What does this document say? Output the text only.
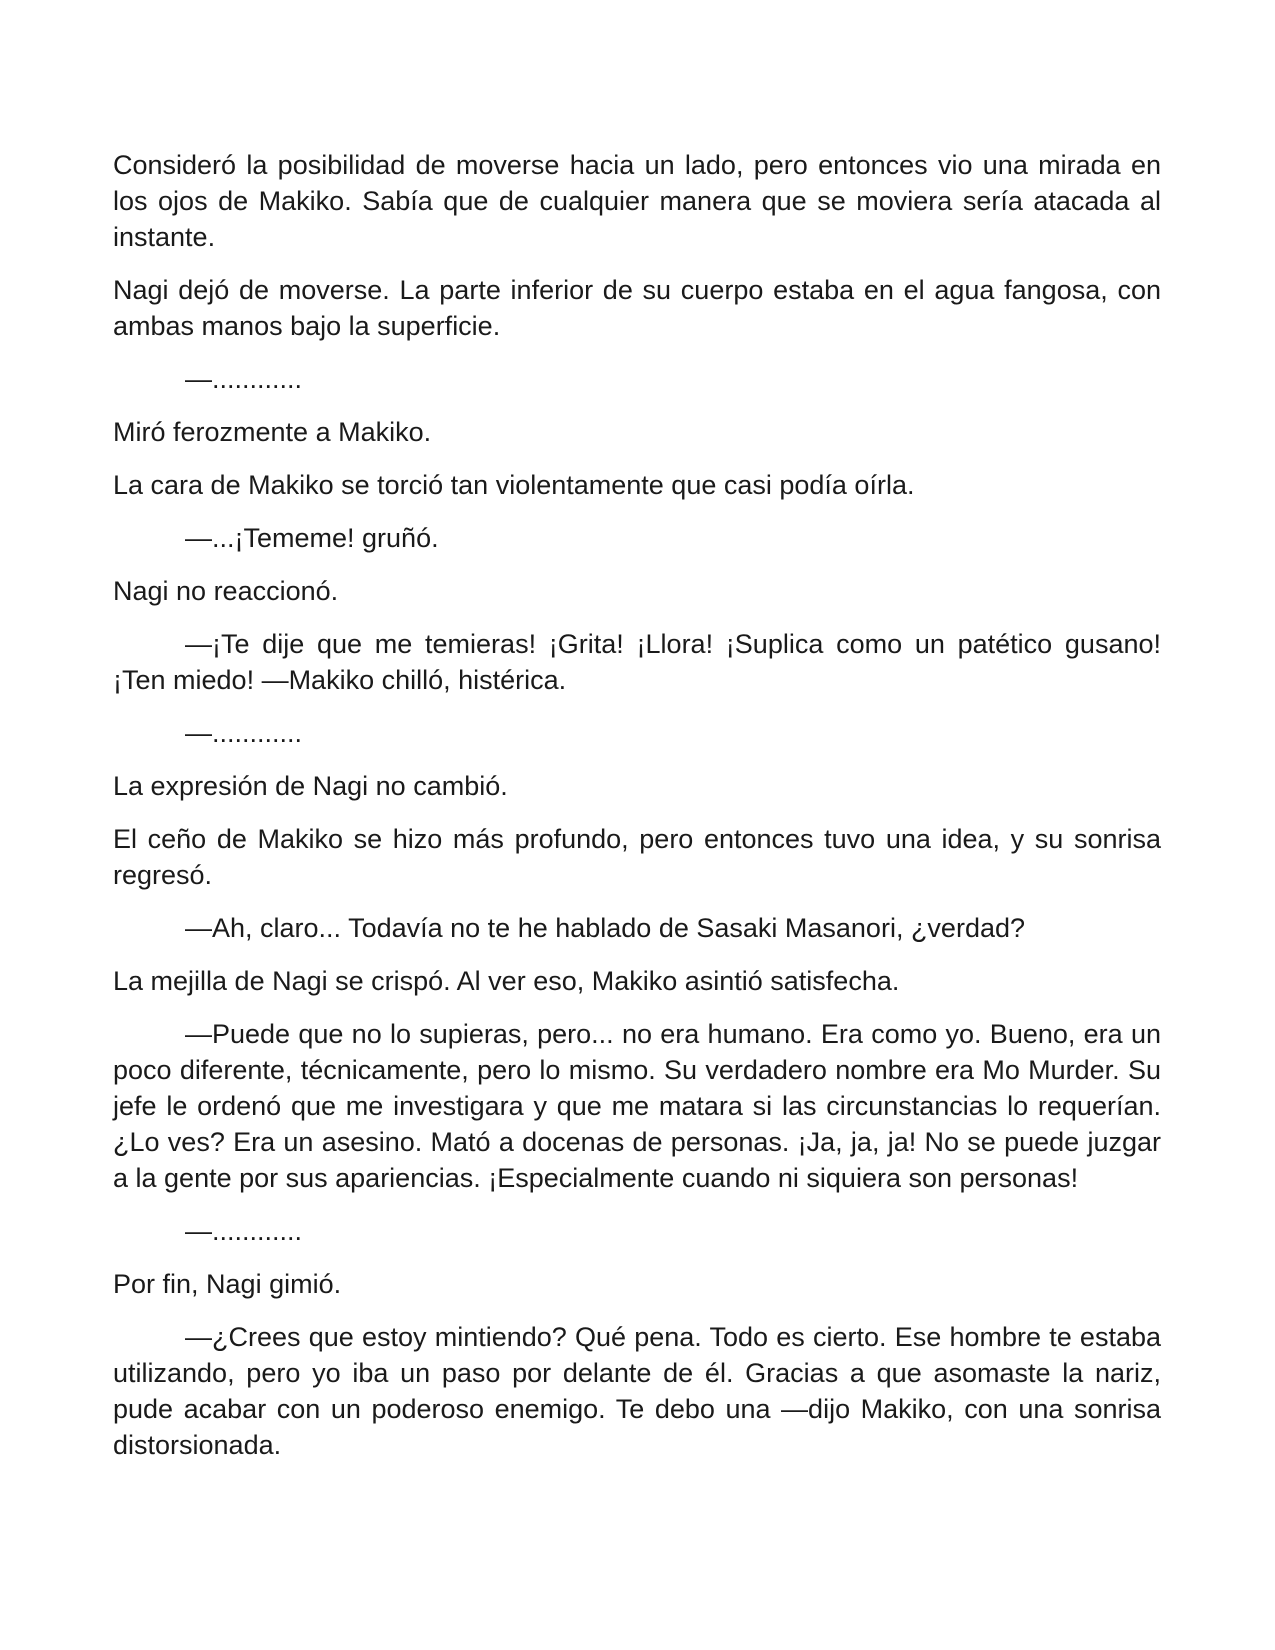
Consideró la posibilidad de moverse hacia un lado, pero entonces vio una mirada en los ojos de Makiko. Sabía que de cualquier manera que se moviera sería atacada al instante.

Nagi dejó de moverse. La parte inferior de su cuerpo estaba en el agua fangosa, con ambas manos bajo la superficie.

—............

Miró ferozmente a Makiko.

La cara de Makiko se torció tan violentamente que casi podía oírla.

—...¡Tememe! gruñó.

Nagi no reaccionó.

—¡Te dije que me temieras! ¡Grita! ¡Llora! ¡Suplica como un patético gusano! ¡Ten miedo! —Makiko chilló, histérica.

—............

La expresión de Nagi no cambió.

El ceño de Makiko se hizo más profundo, pero entonces tuvo una idea, y su sonrisa regresó.

—Ah, claro... Todavía no te he hablado de Sasaki Masanori, ¿verdad?

La mejilla de Nagi se crispó. Al ver eso, Makiko asintió satisfecha.

—Puede que no lo supieras, pero... no era humano. Era como yo. Bueno, era un poco diferente, técnicamente, pero lo mismo. Su verdadero nombre era Mo Murder. Su jefe le ordenó que me investigara y que me matara si las circunstancias lo requerían. ¿Lo ves? Era un asesino. Mató a docenas de personas. ¡Ja, ja, ja! No se puede juzgar a la gente por sus apariencias. ¡Especialmente cuando ni siquiera son personas!

—............

Por fin, Nagi gimió.

—¿Crees que estoy mintiendo? Qué pena. Todo es cierto. Ese hombre te estaba utilizando, pero yo iba un paso por delante de él. Gracias a que asomaste la nariz, pude acabar con un poderoso enemigo. Te debo una —dijo Makiko, con una sonrisa distorsionada.
